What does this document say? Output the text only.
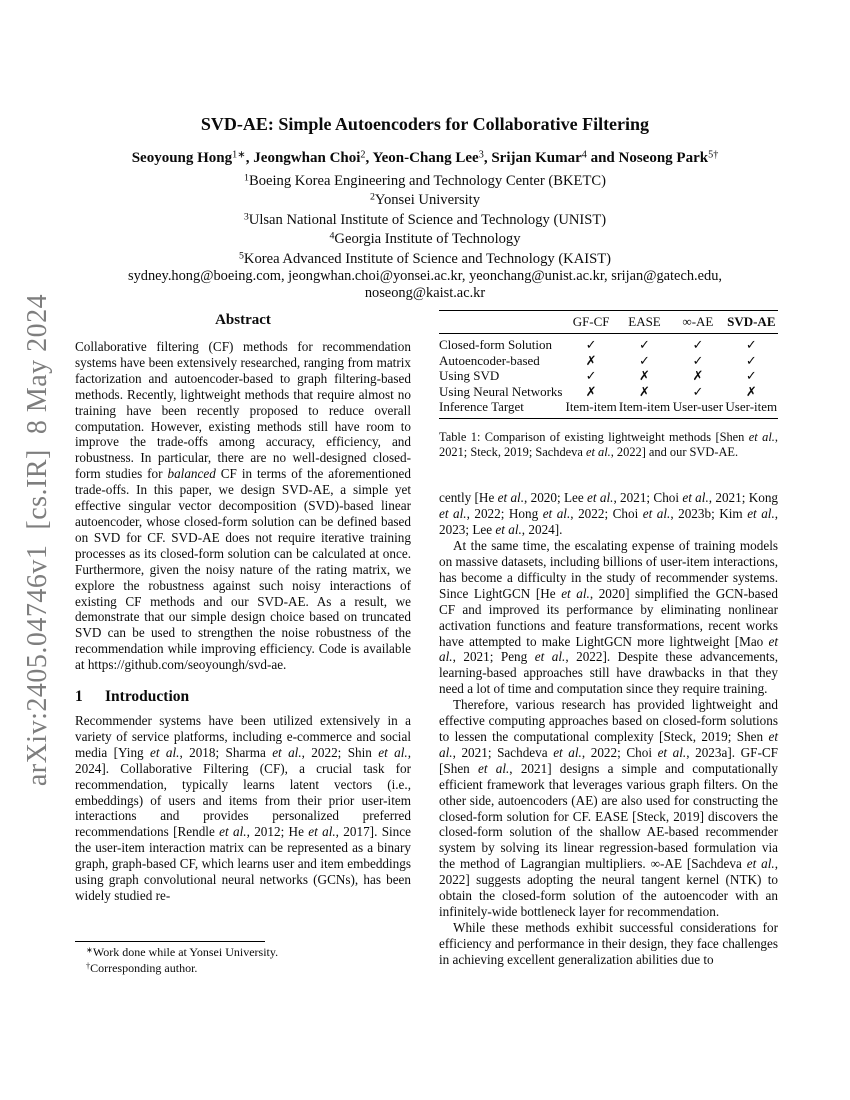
arXiv:2405.04746v1  [cs.IR]  8 May 2024
SVD-AE: Simple Autoencoders for Collaborative Filtering
Seoyoung Hong$^{1∗}$, Jeongwhan Choi$^2$, Yeon-Chang Lee$^3$, Srijan Kumar$^4$ and Noseong Park$^{5\dagger}$
$^1$Boeing Korea Engineering and Technology Center (BKETC)
$^2$Yonsei University
$^3$Ulsan National Institute of Science and Technology (UNIST)
$^4$Georgia Institute of Technology
$^5$Korea Advanced Institute of Science and Technology (KAIST)
sydney.hong@boeing.com, jeongwhan.choi@yonsei.ac.kr, yeonchang@unist.ac.kr, srijan@gatech.edu,
noseong@kaist.ac.kr
Abstract

Collaborative filtering (CF) methods for recommendation systems have been extensively researched, ranging from matrix factorization and autoencoder-based to graph filtering-based methods. Recently, lightweight methods that require almost no training have been recently proposed to reduce overall computation. However, existing methods still have room to improve the trade-offs among accuracy, efficiency, and robustness. In particular, there are no well-designed closed-form studies for balanced CF in terms of the aforementioned trade-offs. In this paper, we design SVD-AE, a simple yet effective singular vector decomposition (SVD)-based linear autoencoder, whose closed-form solution can be defined based on SVD for CF. SVD-AE does not require iterative training processes as its closed-form solution can be calculated at once. Furthermore, given the noisy nature of the rating matrix, we explore the robustness against such noisy interactions of existing CF methods and our SVD-AE. As a result, we demonstrate that our simple design choice based on truncated SVD can be used to strengthen the noise robustness of the recommendation while improving efficiency. Code is available at https://github.com/seoyoungh/svd-ae.

1 Introduction

Recommender systems have been utilized extensively in a variety of service platforms, including e-commerce and social media [Ying et al., 2018; Sharma et al., 2022; Shin et al., 2024]. Collaborative Filtering (CF), a crucial task for recommendation, typically learns latent vectors (i.e., embeddings) of users and items from their prior user-item interactions and provides personalized preferred recommendations [Rendle et al., 2012; He et al., 2017]. Since the user-item interaction matrix can be represented as a binary graph, graph-based CF, which learns user and item embeddings using graph convolutional neural networks (GCNs), has been widely studied re-

∗Work done while at Yonsei University.
†Corresponding author.
	GF-CF	EASE	∞-AE	SVD-AE
Closed-form Solution	✓	✓	✓	✓
Autoencoder-based	✗	✓	✓	✓
Using SVD	✓	✗	✗	✓
Using Neural Networks	✗	✗	✓	✗
Inference Target	Item-item	Item-item	User-user	User-item
Table 1: Comparison of existing lightweight methods [Shen et al., 2021; Steck, 2019; Sachdeva et al., 2022] and our SVD-AE.

cently [He et al., 2020; Lee et al., 2021; Choi et al., 2021; Kong et al., 2022; Hong et al., 2022; Choi et al., 2023b; Kim et al., 2023; Lee et al., 2024].

At the same time, the escalating expense of training models on massive datasets, including billions of user-item interactions, has become a difficulty in the study of recommender systems. Since LightGCN [He et al., 2020] simplified the GCN-based CF and improved its performance by eliminating nonlinear activation functions and feature transformations, recent works have attempted to make LightGCN more lightweight [Mao et al., 2021; Peng et al., 2022]. Despite these advancements, learning-based approaches still have drawbacks in that they need a lot of time and computation since they require training.

Therefore, various research has provided lightweight and effective computing approaches based on closed-form solutions to lessen the computational complexity [Steck, 2019; Shen et al., 2021; Sachdeva et al., 2022; Choi et al., 2023a]. GF-CF [Shen et al., 2021] designs a simple and computationally efficient framework that leverages various graph filters. On the other side, autoencoders (AE) are also used for constructing the closed-form solution for CF. EASE [Steck, 2019] discovers the closed-form solution of the shallow AE-based recommender system by solving its linear regression-based formulation via the method of Lagrangian multipliers. ∞-AE [Sachdeva et al., 2022] suggests adopting the neural tangent kernel (NTK) to obtain the closed-form solution of the autoencoder with an infinitely-wide bottleneck layer for recommendation.

While these methods exhibit successful considerations for efficiency and performance in their design, they face challenges in achieving excellent generalization abilities due to
